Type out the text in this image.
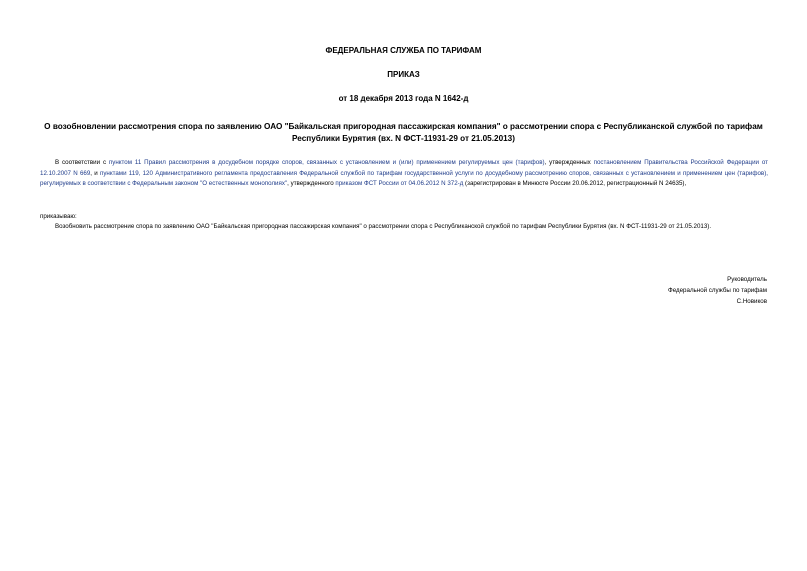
ФЕДЕРАЛЬНАЯ СЛУЖБА ПО ТАРИФАМ
ПРИКАЗ
от 18 декабря 2013 года N 1642-д
О возобновлении рассмотрения спора по заявлению ОАО "Байкальская пригородная пассажирская компания" о рассмотрении спора с Республиканской службой по тарифам Республики Бурятия (вх. N ФСТ-11931-29 от 21.05.2013)
В соответствии с пунктом 11 Правил рассмотрения в досудебном порядке споров, связанных с установлением и (или) применением регулируемых цен (тарифов), утвержденных постановлением Правительства Российской Федерации от 12.10.2007 N 669, и пунктами 119, 120 Административного регламента предоставления Федеральной службой по тарифам государственной услуги по досудебному рассмотрению споров, связанных с установлением и применением цен (тарифов), регулируемых в соответствии с Федеральным законом "О естественных монополиях", утвержденного приказом ФСТ России от 04.06.2012 N 372-д (зарегистрирован в Минюсте России 20.06.2012, регистрационный N 24635),
приказываю:
Возобновить рассмотрение спора по заявлению ОАО "Байкальская пригородная пассажирская компания" о рассмотрении спора с Республиканской службой по тарифам Республики Бурятия (вх. N ФСТ-11931-29 от 21.05.2013).
Руководитель
Федеральной службы по тарифам
С.Новиков
